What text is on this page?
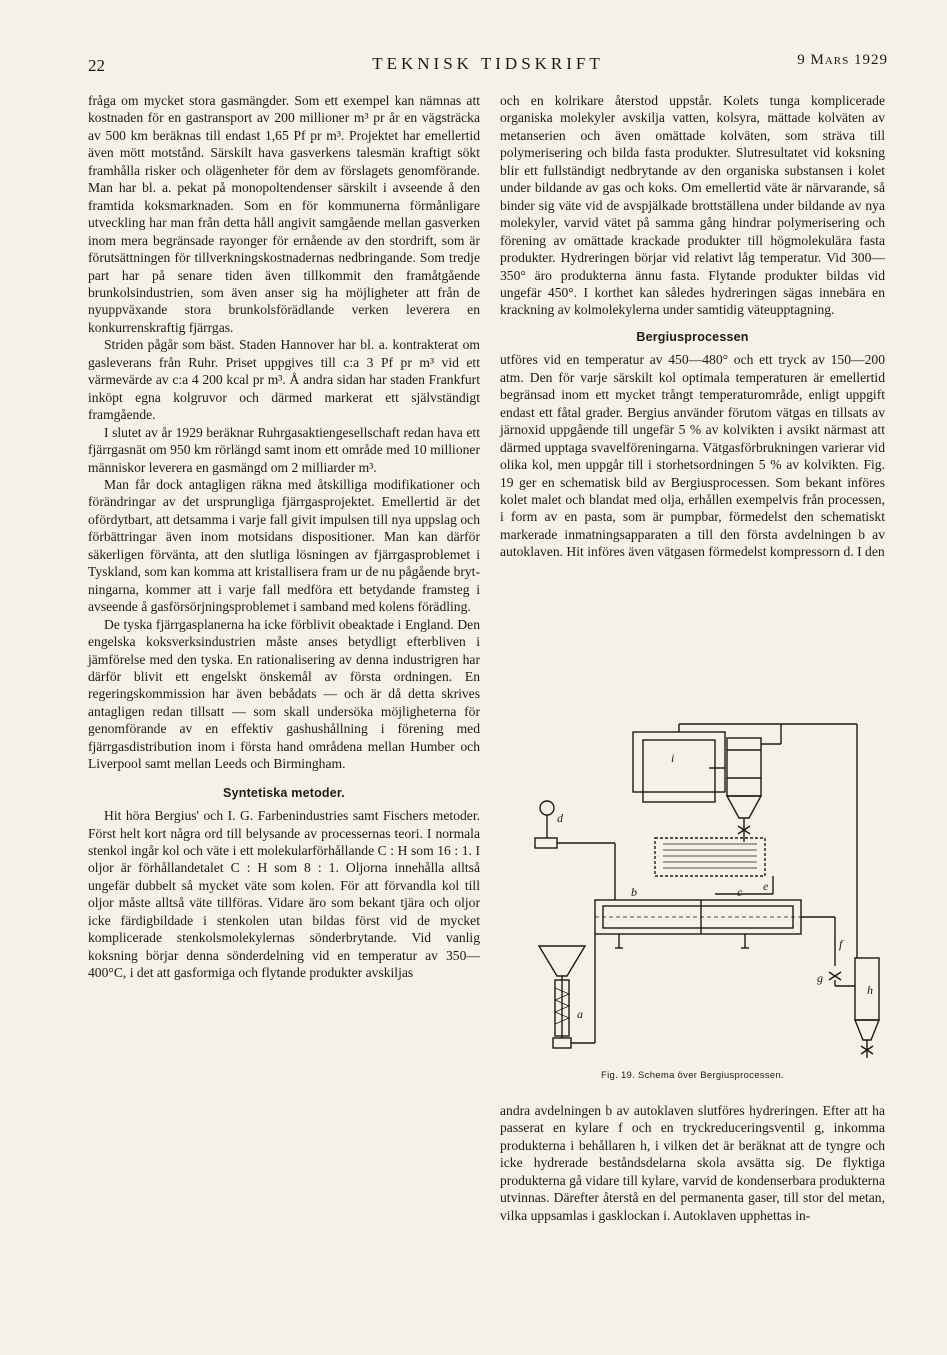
22	TEKNISK TIDSKRIFT	9 Mars 1929

fråga om mycket stora gasmängder. Som ett exempel kan nämnas att kostnaden för en gastransport av 200 millioner m³ pr år en vägsträcka av 500 km beräknas till endast 1,65 Pf pr m³. Projektet har emellertid även mött motstånd. Särskilt hava gasverkens talesmän kraftigt sökt framhålla risker och olägenheter för dem av förslagets genomförande. Man har bl. a. pekat på monopoltendenser särskilt i avseende å den framtida koksmarknaden. Som en för kommunerna förmånligare utveckling har man från detta håll angivit samgående mellan gasverken inom mera begränsade rayonger för ernående av den stordrift, som är förutsättningen för tillverkningskostnadernas nedbringande. Som tredje part har på senare tiden även tillkommit den framåtgående brunkolsindustrien, som även anser sig ha möjligheter att från de nyuppväxande stora brunkolsförädlande verken leverera en konkurrenskraftig fjärrgas.

Striden pågår som bäst. Staden Hannover har bl. a. kontrakterat om gasleverans från Ruhr. Priset uppgives till c:a 3 Pf pr m³ vid ett värmevärde av c:a 4 200 kcal pr m³. Å andra sidan har staden Frankfurt inköpt egna kolgruvor och därmed markerat ett självständigt framgående.

I slutet av år 1929 beräknar Ruhrgasaktiengesellschaft redan hava ett fjärrgasnät om 950 km rörlängd samt inom ett område med 10 millioner människor leverera en gasmängd om 2 milliarder m³.

Man får dock antagligen räkna med åtskilliga modifikationer och förändringar av det ursprungliga fjärrgasprojektet. Emellertid är det ofördytbart, att detsamma i varje fall givit impulsen till nya uppslag och förbättringar även inom motsidans dispositioner. Man kan därför säkerligen förvänta, att den slutliga lösningen av fjärrgasproblemet i Tyskland, som kan komma att kristallisera fram ur de nu pågående bryt-ningarna, kommer att i varje fall medföra ett betydande framsteg i avseende å gasförsörjningsproblemet i samband med kolens förädling.

De tyska fjärrgasplanerna ha icke förblivit obeaktade i England. Den engelska koksverksindustrien måste anses betydligt efterbliven i jämförelse med den tyska. En rationalisering av denna industrigren har därför blivit ett engelskt önskemål av första ordningen. En regeringskommission har även bebådats — och är då detta skrives antagligen redan tillsatt — som skall undersöka möjligheterna för genomförande av en effektiv gashushållning i förening med fjärrgasdistribution inom i första hand områdena mellan Humber och Liverpool samt mellan Leeds och Birmingham.

Syntetiska metoder.

Hit höra Bergius' och I. G. Farbenindustries samt Fischers metoder. Först helt kort några ord till belysande av processernas teori. I normala stenkol ingår kol och väte i ett molekularförhållande C : H som 16 : 1. I oljor är förhållandetalet C : H som 8 : 1. Oljorna innehålla alltså ungefär dubbelt så mycket väte som kolen. För att förvandla kol till oljor måste alltså väte tillföras. Vidare äro som bekant tjära och oljor icke färdigbildade i stenkolen utan bildas först vid de mycket komplicerade stenkolsmolekylernas sönderbrytande. Vid vanlig koksning börjar denna sönderdelning vid en temperatur av 350—400°C, i det att gasformiga och flytande produkter avskiljas

och en kolrikare återstod uppstår. Kolets tunga komplicerade organiska molekyler avskilja vatten, kolsyra, mättade kolväten av metanserien och även omättade kolväten, som sträva till polymerisering och bilda fasta produkter. Slutresultatet vid koksning blir ett fullständigt nedbrytande av den organiska substansen i kolet under bildande av gas och koks. Om emellertid väte är närvarande, så binder sig väte vid de avspjälkade brottställena under bildande av nya molekyler, varvid vätet på samma gång hindrar polymerisering och förening av omättade krackade produkter till högmolekulära fasta produkter. Hydreringen börjar vid relativt låg temperatur. Vid 300—350° äro produkterna ännu fasta. Flytande produkter bildas vid ungefär 450°. I korthet kan således hydreringen sägas innebära en krackning av kolmolekylerna under samtidig väteupptagning.

Bergiusprocessen

utföres vid en temperatur av 450—480° och ett tryck av 150—200 atm. Den för varje särskilt kol optimala temperaturen är emellertid begränsad inom ett mycket trångt temperaturområde, enligt uppgift endast ett fåtal grader. Bergius använder förutom vätgas en tillsats av järnoxid uppgående till ungefär 5 % av kolvikten i avsikt närmast att därmed upptaga svavelföreningarna. Vätgasförbrukningen varierar vid olika kol, men uppgår till i storhetsordningen 5 % av kolvikten. Fig. 19 ger en schematisk bild av Bergiusprocessen. Som bekant införes kolet malet och blandat med olja, erhållen exempelvis från processen, i form av en pasta, som är pumpbar, förmedelst den schematiskt markerade inmatningsapparaten a till den första avdelningen b av autoklaven. Hit införes även vätgasen förmedelst kompressorn d. I den

i
d
e
b	c
f
g
h
a
Fig. 19. Schema över Bergiusprocessen.

andra avdelningen b av autoklaven slutföres hydreringen. Efter att ha passerat en kylare f och en tryckreduceringsventil g, inkomma produkterna i behållaren h, i vilken det är beräknat att de tyngre och icke hydrerade beståndsdelarna skola avsätta sig. De flyktiga produkterna gå vidare till kylare, varvid de kondenserbara produkterna utvinnas. Därefter återstå en del permanenta gaser, till stor del metan, vilka uppsamlas i gasklockan i. Autoklaven upphettas in-
